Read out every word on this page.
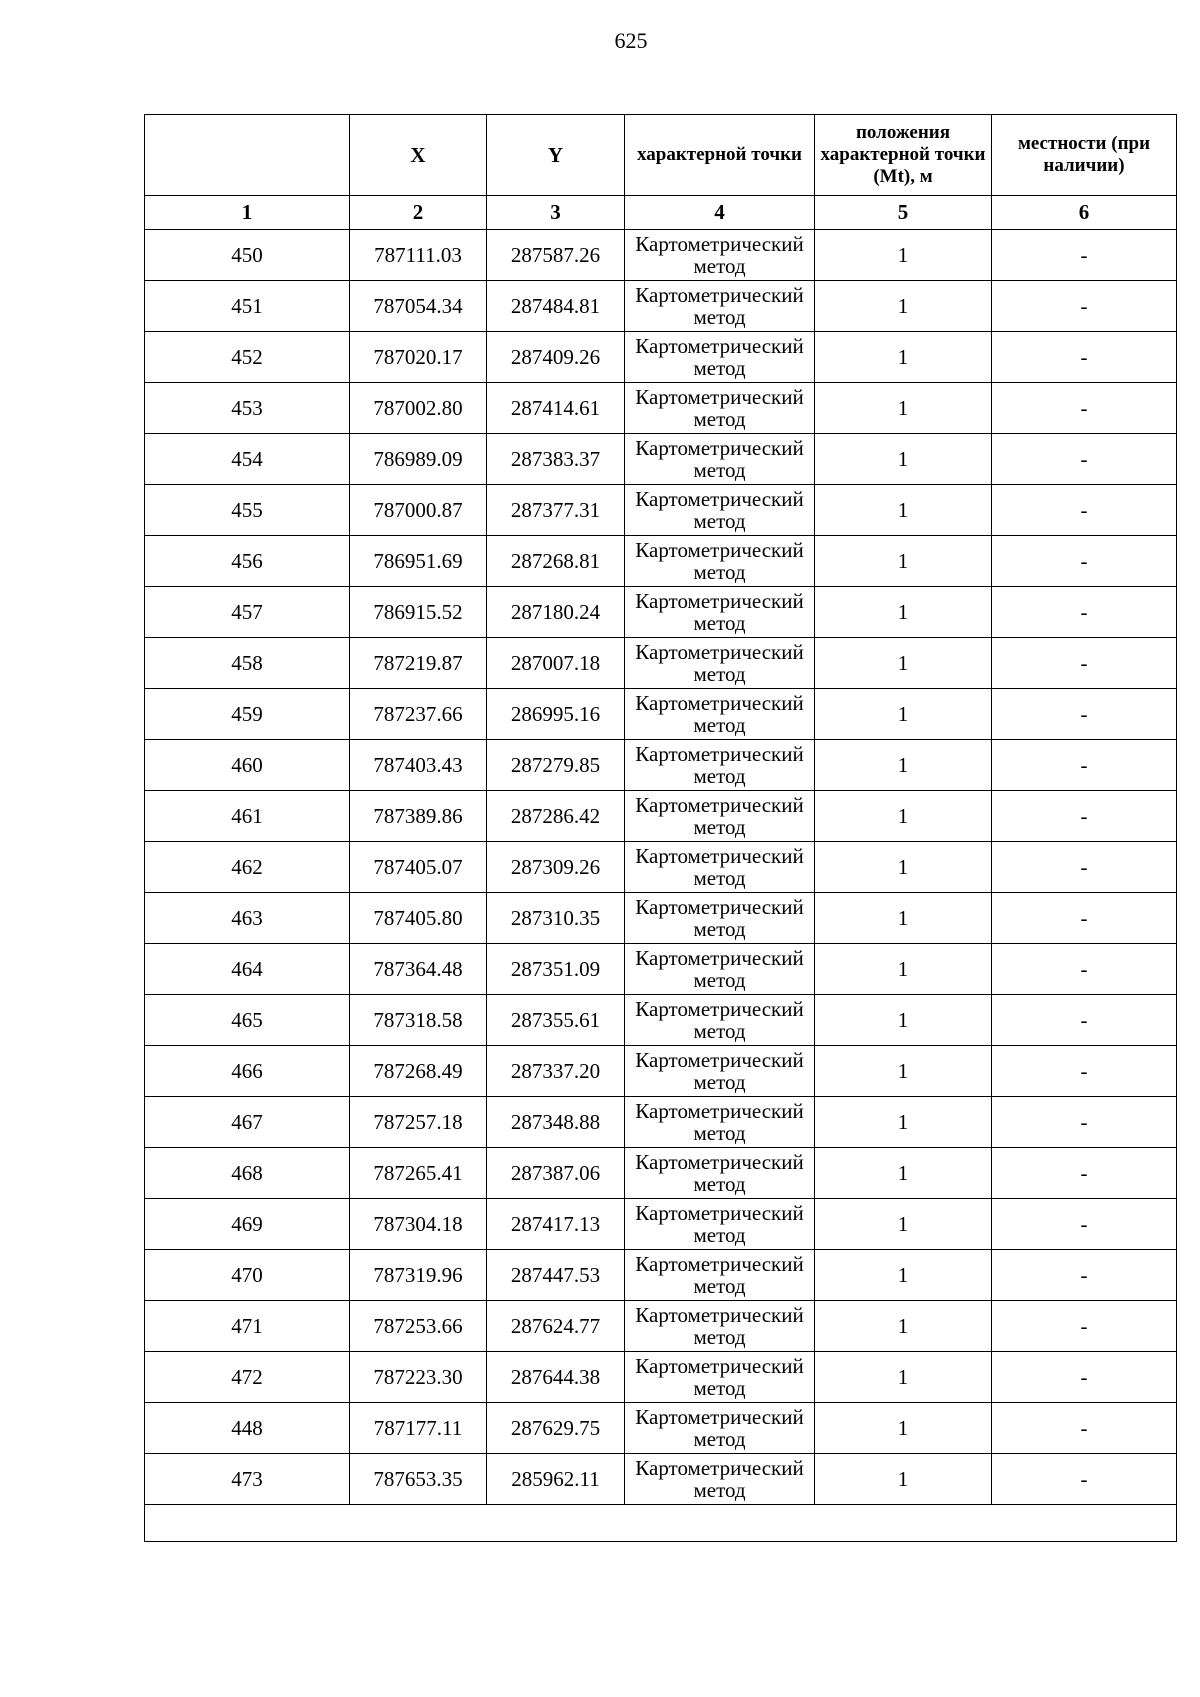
625
	X	Y	характерной точки	положения характерной точки (Mt), м	местности (при наличии)
1	2	3	4	5	6
450	787111.03	287587.26	Картометрический метод	1	-
451	787054.34	287484.81	Картометрический метод	1	-
452	787020.17	287409.26	Картометрический метод	1	-
453	787002.80	287414.61	Картометрический метод	1	-
454	786989.09	287383.37	Картометрический метод	1	-
455	787000.87	287377.31	Картометрический метод	1	-
456	786951.69	287268.81	Картометрический метод	1	-
457	786915.52	287180.24	Картометрический метод	1	-
458	787219.87	287007.18	Картометрический метод	1	-
459	787237.66	286995.16	Картометрический метод	1	-
460	787403.43	287279.85	Картометрический метод	1	-
461	787389.86	287286.42	Картометрический метод	1	-
462	787405.07	287309.26	Картометрический метод	1	-
463	787405.80	287310.35	Картометрический метод	1	-
464	787364.48	287351.09	Картометрический метод	1	-
465	787318.58	287355.61	Картометрический метод	1	-
466	787268.49	287337.20	Картометрический метод	1	-
467	787257.18	287348.88	Картометрический метод	1	-
468	787265.41	287387.06	Картометрический метод	1	-
469	787304.18	287417.13	Картометрический метод	1	-
470	787319.96	287447.53	Картометрический метод	1	-
471	787253.66	287624.77	Картометрический метод	1	-
472	787223.30	287644.38	Картометрический метод	1	-
448	787177.11	287629.75	Картометрический метод	1	-
473	787653.35	285962.11	Картометрический метод	1	-
